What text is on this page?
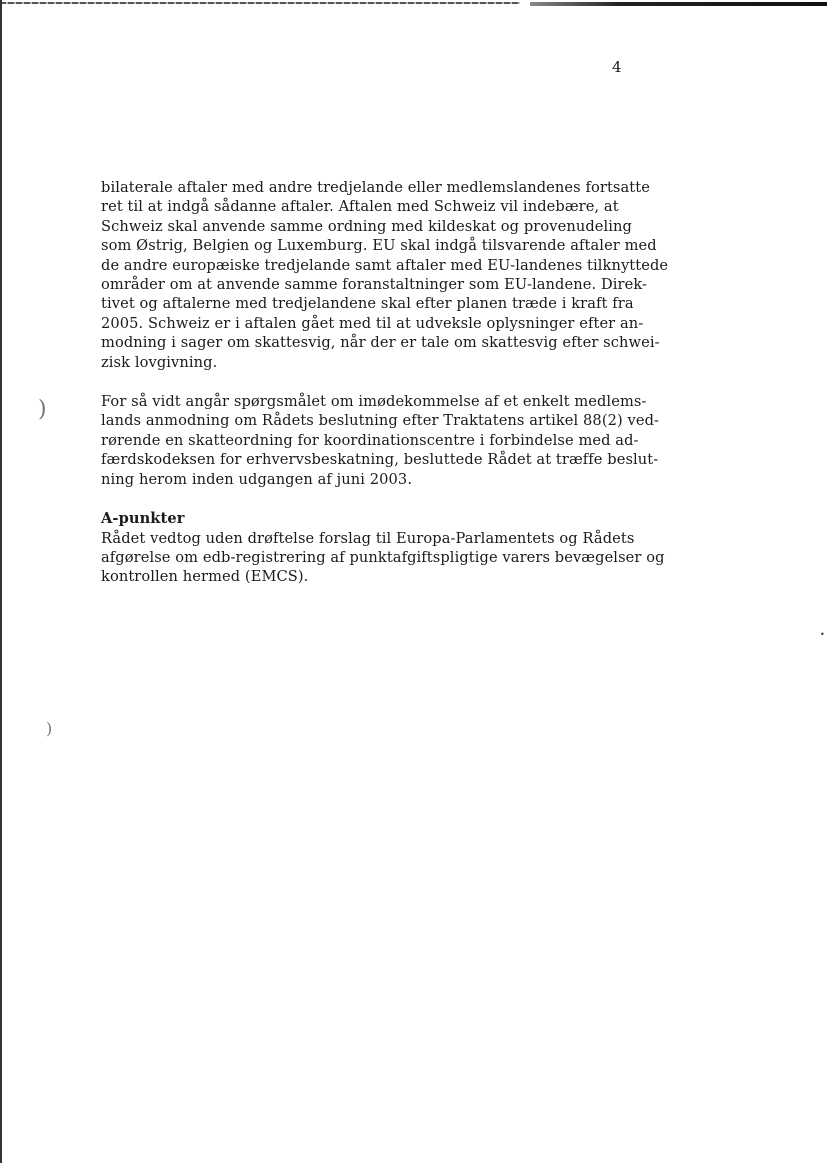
4
bilaterale aftaler med andre tredjelande eller medlemslandenes fortsatte
ret til at indgå sådanne aftaler. Aftalen med Schweiz vil indebære, at
Schweiz skal anvende samme ordning med kildeskat og provenudeling
som Østrig, Belgien og Luxemburg. EU skal indgå tilsvarende aftaler med
de andre europæiske tredjelande samt aftaler med EU-landenes tilknyttede
områder om at anvende samme foranstaltninger som EU-landene. Direk-
tivet og aftalerne med tredjelandene skal efter planen træde i kraft fra
2005. Schweiz er i aftalen gået med til at udveksle oplysninger efter an-
modning i sager om skattesvig, når der er tale om skattesvig efter schwei-
zisk lovgivning.
For så vidt angår spørgsmålet om imødekommelse af et enkelt medlems-
lands anmodning om Rådets beslutning efter Traktatens artikel 88(2) ved-
rørende en skatteordning for koordinationscentre i forbindelse med ad-
færdskodeksen for erhvervsbeskatning, besluttede Rådet at træffe beslut-
ning herom inden udgangen af juni 2003.
A-punkter
Rådet vedtog uden drøftelse forslag til Europa-Parlamentets og Rådets
afgørelse om edb-registrering af punktafgiftspligtige varers bevægelser og
kontrollen hermed (EMCS).
)
)
•
